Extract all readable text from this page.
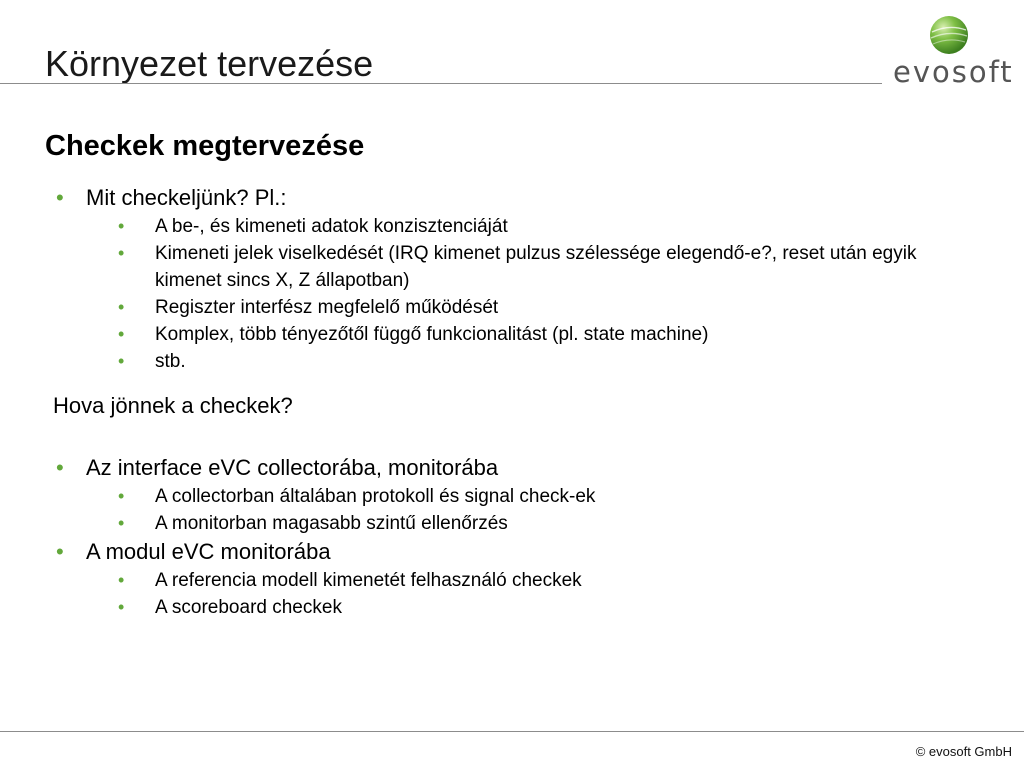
Környezet tervezése	evosoft
Checkek megtervezése
• Mit checkeljünk? Pl.:
• A be-, és kimeneti adatok konzisztenciáját
• Kimeneti jelek viselkedését (IRQ kimenet pulzus szélessége elegendő-e?, reset után egyik kimenet sincs X, Z állapotban)
• Regiszter interfész megfelelő működését
• Komplex, több tényezőtől függő funkcionalitást (pl. state machine)
• stb.
Hova jönnek a checkek?
• Az interface eVC collectorába, monitorába
• A collectorban általában protokoll és signal check-ek
• A monitorban magasabb szintű ellenőrzés
• A modul eVC monitorába
• A referencia modell kimenetét felhasználó checkek
• A scoreboard checkek
© evosoft GmbH
